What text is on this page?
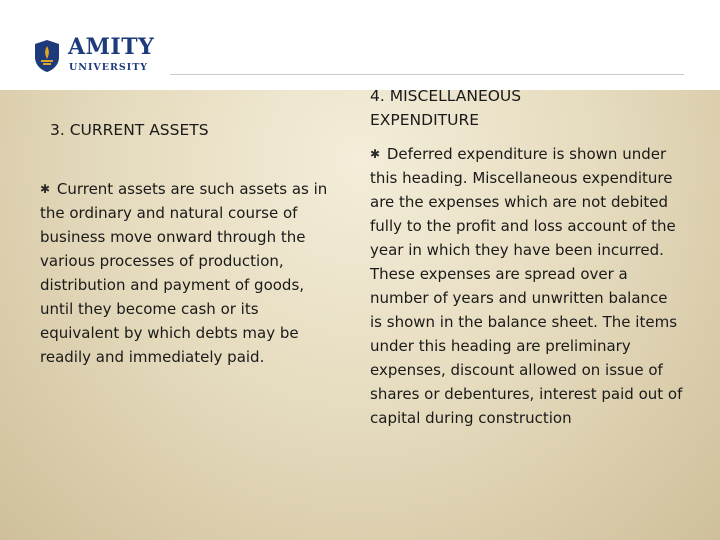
AMITY
UNIVERSITY
3. CURRENT ASSETS
✱ Current assets are such assets as in the ordinary and natural course of business move onward through the various processes of production, distribution and payment of goods, until they become cash or its equivalent by which debts may be readily and immediately paid.
4. MISCELLANEOUS EXPENDITURE
✱ Deferred expenditure is shown under this heading. Miscellaneous expenditure are the expenses which are not debited fully to the profit and loss account of the year in which they have been incurred. These expenses are spread over a number of years and unwritten balance is shown in the balance sheet. The items under this heading are preliminary expenses, discount allowed on issue of shares or debentures, interest paid out of capital during construction
